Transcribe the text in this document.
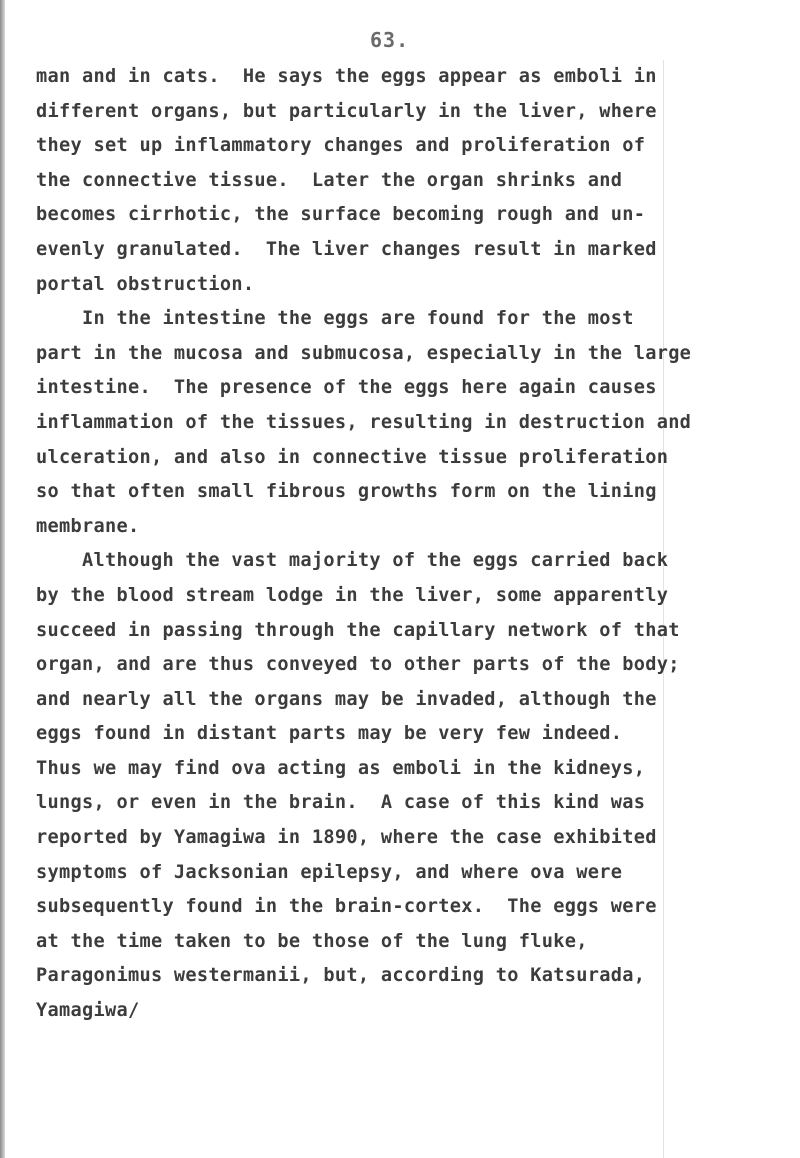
63.
man and in cats.  He says the eggs appear as emboli in
different organs, but particularly in the liver, where
they set up inflammatory changes and proliferation of
the connective tissue.  Later the organ shrinks and
becomes cirrhotic, the surface becoming rough and un-
evenly granulated.  The liver changes result in marked
portal obstruction.
In the intestine the eggs are found for the most
part in the mucosa and submucosa, especially in the large
intestine.  The presence of the eggs here again causes
inflammation of the tissues, resulting in destruction and
ulceration, and also in connective tissue proliferation
so that often small fibrous growths form on the lining
membrane.
Although the vast majority of the eggs carried back
by the blood stream lodge in the liver, some apparently
succeed in passing through the capillary network of that
organ, and are thus conveyed to other parts of the body;
and nearly all the organs may be invaded, although the
eggs found in distant parts may be very few indeed.
Thus we may find ova acting as emboli in the kidneys,
lungs, or even in the brain.  A case of this kind was
reported by Yamagiwa in 1890, where the case exhibited
symptoms of Jacksonian epilepsy, and where ova were
subsequently found in the brain-cortex.  The eggs were
at the time taken to be those of the lung fluke,
Paragonimus westermanii, but, according to Katsurada,
Yamagiwa/
